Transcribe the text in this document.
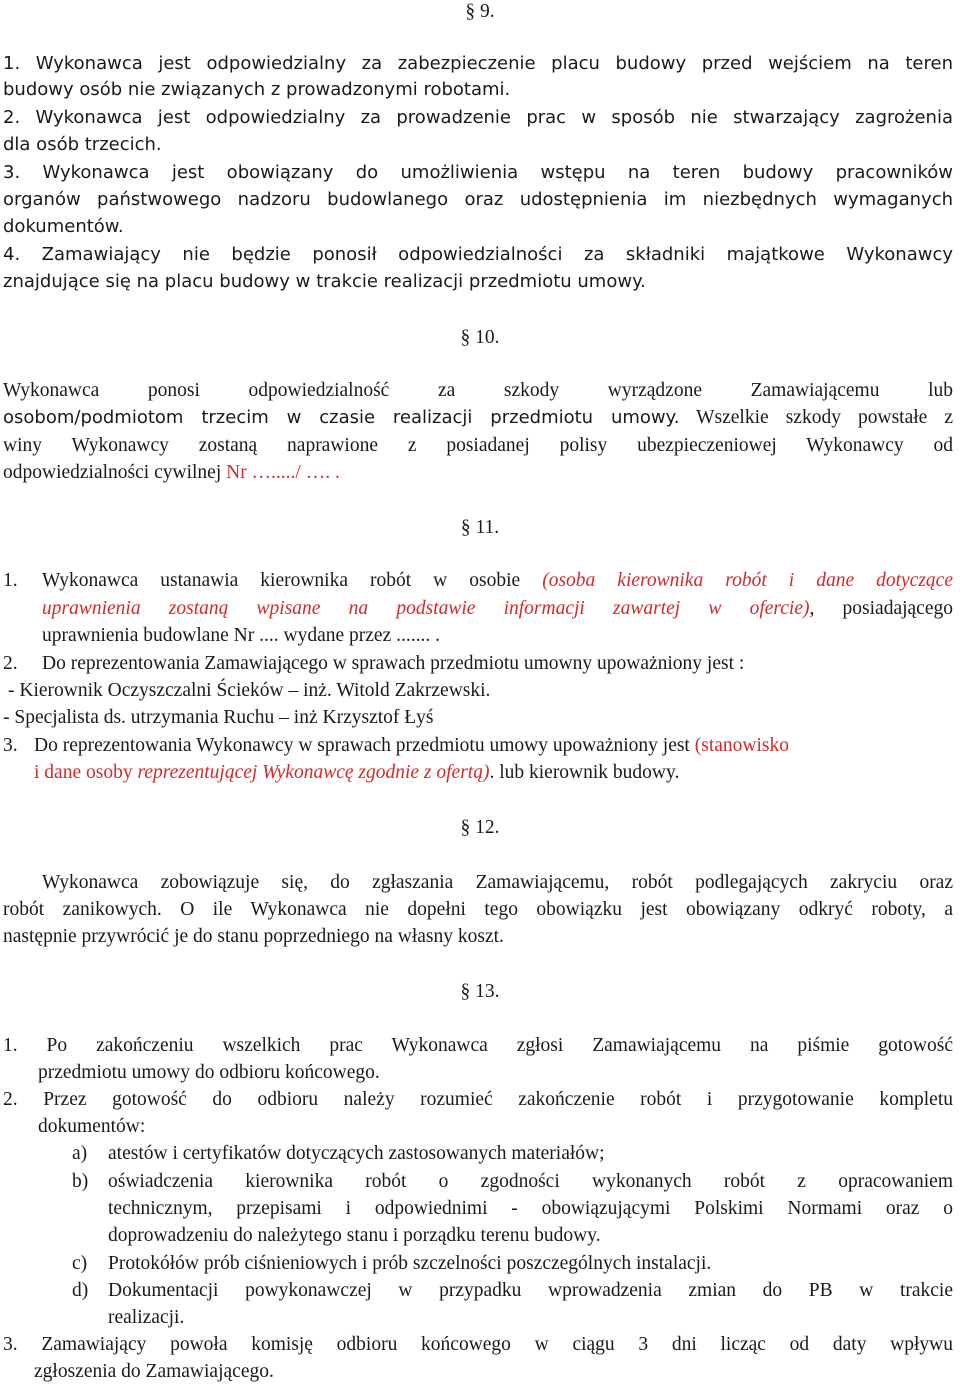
§ 9.
1. Wykonawca jest odpowiedzialny za zabezpieczenie placu budowy przed wejściem na teren
budowy osób nie związanych z prowadzonymi robotami.
2. Wykonawca jest odpowiedzialny za prowadzenie prac w sposób nie stwarzający zagrożenia
dla osób trzecich.
3. Wykonawca jest obowiązany do umożliwienia wstępu na teren budowy pracowników
organów państwowego nadzoru budowlanego oraz udostępnienia im niezbędnych wymaganych
dokumentów.
4. Zamawiający nie będzie ponosił odpowiedzialności za składniki majątkowe Wykonawcy
znajdujące się na placu budowy w trakcie realizacji przedmiotu umowy.
§ 10.
Wykonawca ponosi odpowiedzialność za szkody wyrządzone Zamawiającemu lub
osobom/podmiotom trzecim w czasie realizacji przedmiotu umowy. Wszelkie szkody powstałe z
winy Wykonawcy zostaną naprawione z posiadanej polisy ubezpieczeniowej Wykonawcy od
odpowiedzialności cywilnej Nr …...../ …. .
§ 11.
1.	Wykonawca ustanawia kierownika robót w osobie (osoba kierownika robót i dane dotyczące
uprawnienia zostaną wpisane na podstawie informacji zawartej w ofercie), posiadającego
uprawnienia budowlane Nr .... wydane przez ....... .
2.	Do reprezentowania Zamawiającego w sprawach przedmiotu umowny upoważniony jest :
- Kierownik Oczyszczalni Ścieków – inż. Witold Zakrzewski.
- Specjalista ds. utrzymania Ruchu – inż Krzysztof Łyś
3. Do reprezentowania Wykonawcy w sprawach przedmiotu umowy upoważniony jest (stanowisko
i dane osoby reprezentującej Wykonawcę zgodnie z ofertą). lub kierownik budowy.
§ 12.
Wykonawca zobowiązuje się, do zgłaszania Zamawiającemu, robót podlegających zakryciu oraz
robót zanikowych. O ile Wykonawca nie dopełni tego obowiązku jest obowiązany odkryć roboty, a
następnie przywrócić je do stanu poprzedniego na własny koszt.
§ 13.
1. Po zakończeniu wszelkich prac Wykonawca zgłosi Zamawiającemu na piśmie gotowość
przedmiotu umowy do odbioru końcowego.
2. Przez gotowość do odbioru należy rozumieć zakończenie robót i przygotowanie kompletu
dokumentów:
a)	atestów i certyfikatów dotyczących zastosowanych materiałów;
b)	oświadczenia kierownika robót o zgodności wykonanych robót z opracowaniem
technicznym, przepisami i odpowiednimi - obowiązującymi Polskimi Normami oraz o
doprowadzeniu do należytego stanu i porządku terenu budowy.
c)	Protokółów prób ciśnieniowych i prób szczelności poszczególnych instalacji.
d)	Dokumentacji powykonawczej w przypadku wprowadzenia zmian do PB w trakcie
realizacji.
3. Zamawiający powoła komisję odbioru końcowego w ciągu 3 dni licząc od daty wpływu
zgłoszenia do Zamawiającego.
